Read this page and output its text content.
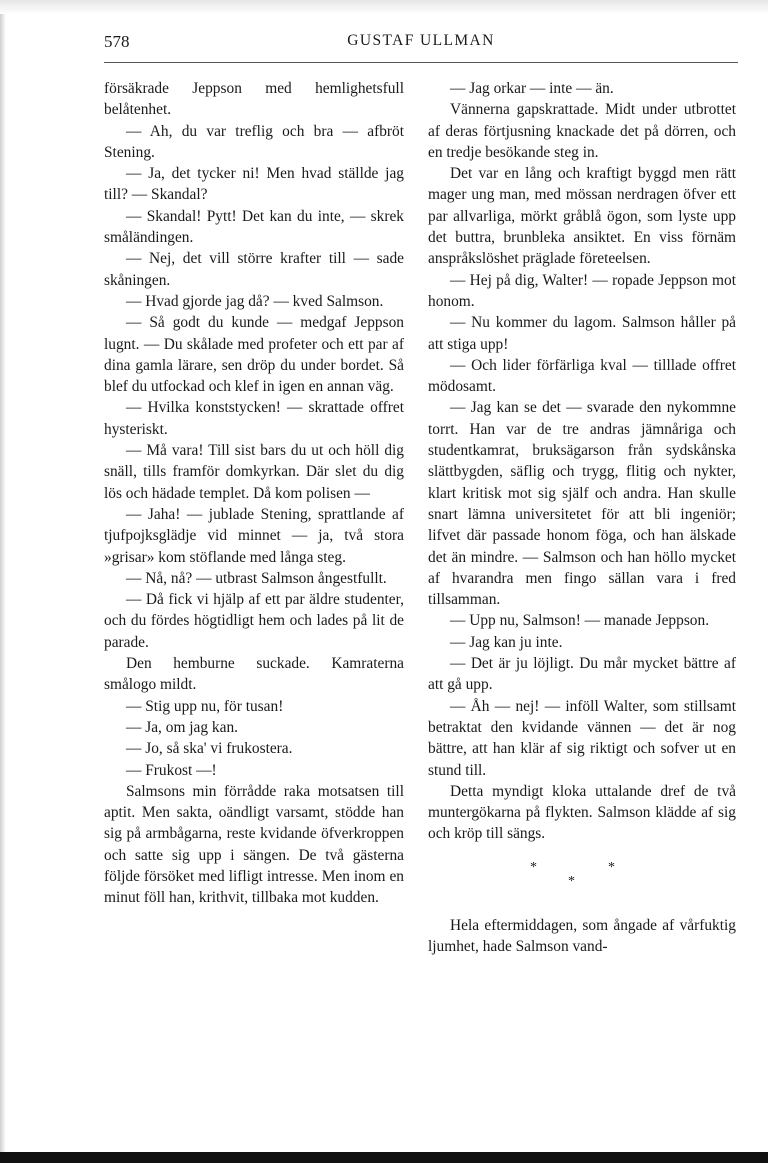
578	GUSTAF ULLMAN

försäkrade Jeppson med hemlighetsfull belåtenhet.

— Ah, du var treflig och bra — afbröt Stening.

— Ja, det tycker ni! Men hvad ställde jag till? — Skandal?

— Skandal! Pytt! Det kan du inte, — skrek småländingen.

— Nej, det vill större krafter till — sade skåningen.

— Hvad gjorde jag då? — kved Salmson.

— Så godt du kunde — medgaf Jeppson lugnt. — Du skålade med profeter och ett par af dina gamla lärare, sen dröp du under bordet. Så blef du utfockad och klef in igen en annan väg.

— Hvilka konststycken! — skrattade offret hysteriskt.

— Må vara! Till sist bars du ut och höll dig snäll, tills framför domkyrkan. Där slet du dig lös och hädade templet. Då kom polisen —

— Jaha! — jublade Stening, sprattlande af tjufpojksglädje vid minnet — ja, två stora »grisar» kom stöflande med långa steg.

— Nå, nå? — utbrast Salmson ångestfullt.

— Då fick vi hjälp af ett par äldre studenter, och du fördes högtidligt hem och lades på lit de parade.

Den hemburne suckade. Kamraterna smålogo mildt.

— Stig upp nu, för tusan!

— Ja, om jag kan.

— Jo, så ska' vi frukostera.

— Frukost —!

Salmsons min förrådde raka motsatsen till aptit. Men sakta, oändligt varsamt, stödde han sig på armbågarna, reste kvidande öfverkroppen och satte sig upp i sängen. De två gästerna följde försöket med lifligt intresse. Men inom en minut föll han, krithvit, tillbaka mot kudden.

— Jag orkar — inte — än.

Vännerna gapskrattade. Midt under utbrottet af deras förtjusning knackade det på dörren, och en tredje besökande steg in.

Det var en lång och kraftigt byggd men rätt mager ung man, med mössan nerdragen öfver ett par allvarliga, mörkt gråblå ögon, som lyste upp det buttra, brunbleka ansiktet. En viss förnäm anspråkslöshet präglade företeelsen.

— Hej på dig, Walter! — ropade Jeppson mot honom.

— Nu kommer du lagom. Salmson håller på att stiga upp!

— Och lider förfärliga kval — tilllade offret mödosamt.

— Jag kan se det — svarade den nykommne torrt. Han var de tre andras jämnåriga och studentkamrat, bruksägarson från sydskånska slättbygden, säflig och trygg, flitig och nykter, klart kritisk mot sig själf och andra. Han skulle snart lämna universitetet för att bli ingeniör; lifvet där passade honom föga, och han älskade det än mindre. — Salmson och han höllo mycket af hvarandra men fingo sällan vara i fred tillsamman.

— Upp nu, Salmson! — manade Jeppson.

— Jag kan ju inte.

— Det är ju löjligt. Du mår mycket bättre af att gå upp.

— Åh — nej! — inföll Walter, som stillsamt betraktat den kvidande vännen — det är nog bättre, att han klär af sig riktigt och sofver ut en stund till.

Detta myndigt kloka uttalande dref de två muntergökarna på flykten. Salmson klädde af sig och kröp till sängs.

*
*
*

Hela eftermiddagen, som ångade af vårfuktig ljumhet, hade Salmson vand-
